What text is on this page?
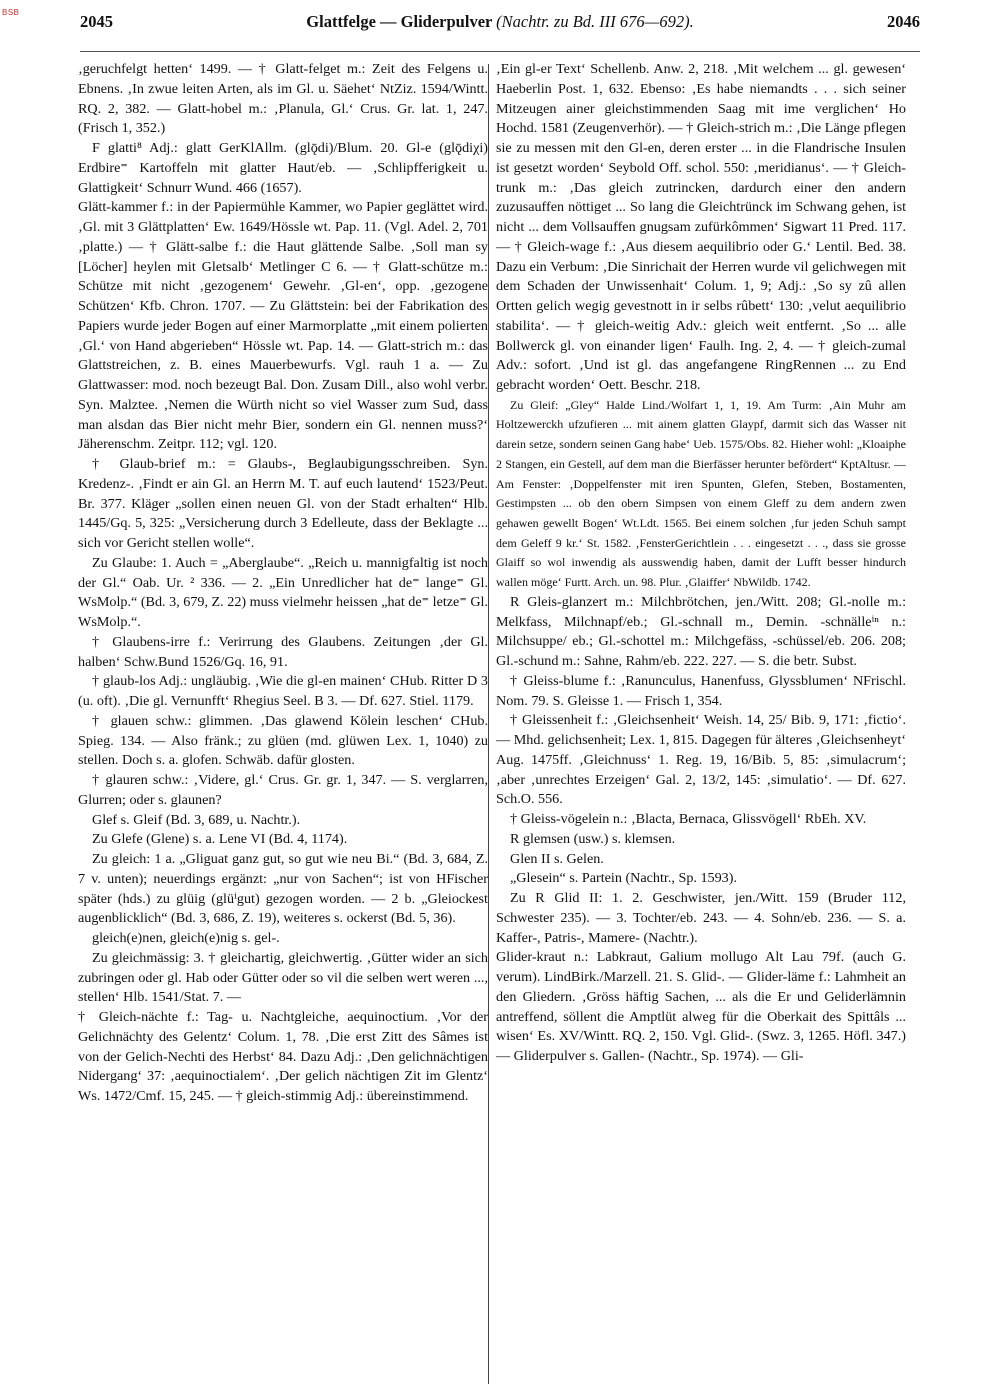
BSB	2045	Glattfelge — Gliderpulver (Nachtr. zu Bd. III 676—692).	2046

‚geruchfelgt hetten‘ 1499. — † Glatt-felget m.: Zeit des Felgens u. Ebnens. ‚In zwue leiten Arten, als im Gl. u. Säehet‘ NtZiz. 1594/Wintt. RQ. 2, 382. — Glatt-hobel m.: ‚Planula, Gl.‘ Crus. Gr. lat. 1, 247. (Frisch 1, 352.)

F glatti⁸ Adj.: glatt GerKlAllm. (glǭdi)/Blum. 20. Gl-e (glǭdiχi) Erdbire⁼ Kartoffeln mit glatter Haut/eb. — ‚Schlipfferigkeit u. Glattigkeit‘ Schnurr Wund. 466 (1657).

Glätt-kammer f.: in der Papiermühle Kammer, wo Papier geglättet wird. ‚Gl. mit 3 Glättplatten‘ Ew. 1649/Hössle wt. Pap. 11. (Vgl. Adel. 2, 701 ‚platte.) — † Glätt-salbe f.: die Haut glättende Salbe. ‚Soll man sy [Löcher] heylen mit Gletsalb‘ Metlinger C 6. — † Glatt-schütze m.: Schütze mit nicht ‚gezogenem‘ Gewehr. ‚Gl-en‘, opp. ‚gezogene Schützen‘ Kfb. Chron. 1707. — Zu Glättstein: bei der Fabrikation des Papiers wurde jeder Bogen auf einer Marmorplatte „mit einem polierten ‚Gl.‘ von Hand abgerieben“ Hössle wt. Pap. 14. — Glatt-strich m.: das Glattstreichen, z. B. eines Mauerbewurfs. Vgl. rauh 1 a. — Zu Glattwasser: mod. noch bezeugt Bal. Don. Zusam Dill., also wohl verbr. Syn. Malztee. ‚Nemen die Würth nicht so viel Wasser zum Sud, dass man alsdan das Bier nicht mehr Bier, sondern ein Gl. nennen muss?‘ Jäherenschm. Zeitpr. 112; vgl. 120.

† Glaub-brief m.: = Glaubs-, Beglaubigungsschreiben. Syn. Kredenz-. ‚Findt er ain Gl. an Herrn M. T. auf euch lautend‘ 1523/Peut. Br. 377. Kläger „sollen einen neuen Gl. von der Stadt erhalten“ Hlb. 1445/Gq. 5, 325: „Versicherung durch 3 Edelleute, dass der Beklagte ... sich vor Gericht stellen wolle“.

Zu Glaube: 1. Auch = „Aberglaube“. „Reich u. mannigfaltig ist noch der Gl.“ Oab. Ur. ² 336. — 2. „Ein Unredlicher hat de⁼ lange⁼ Gl. WsMolp.“ (Bd. 3, 679, Z. 22) muss vielmehr heissen „hat de⁼ letze⁼ Gl. WsMolp.“.

† Glaubens-irre f.: Verirrung des Glaubens. Zeitungen ‚der Gl. halben‘ Schw.Bund 1526/Gq. 16, 91.

† glaub-los Adj.: ungläubig. ‚Wie die gl-en mainen‘ CHub. Ritter D 3 (u. oft). ‚Die gl. Vernunfft‘ Rhegius Seel. B 3. — Df. 627. Stiel. 1179.

† glauen schw.: glimmen. ‚Das glawend Kölein leschen‘ CHub. Spieg. 134. — Also fränk.; zu glüen (md. glüwen Lex. 1, 1040) zu stellen. Doch s. a. glofen. Schwäb. dafür glosten.

† glauren schw.: ‚Videre, gl.‘ Crus. Gr. gr. 1, 347. — S. verglarren, Glurren; oder s. glaunen?

Glef s. Gleif (Bd. 3, 689, u. Nachtr.).

Zu Glefe (Glene) s. a. Lene VI (Bd. 4, 1174).

Zu gleich: 1 a. „Gliguat ganz gut, so gut wie neu Bi.“ (Bd. 3, 684, Z. 7 v. unten); neuerdings ergänzt: „nur von Sachen“; ist von HFischer später (hds.) zu glüig (glüⁱgut) gezogen worden. — 2 b. „Gleiockest augenblicklich“ (Bd. 3, 686, Z. 19), weiteres s. ockerst (Bd. 5, 36).

gleich(e)nen, gleich(e)nig s. gel-.

Zu gleichmässig: 3. † gleichartig, gleichwertig. ‚Gütter wider an sich zubringen oder gl. Hab oder Gütter oder so vil die selben wert weren ..., stellen‘ Hlb. 1541/Stat. 7. —

† Gleich-nächte f.: Tag- u. Nachtgleiche, aequinoctium. ‚Vor der Gelichnächty des Gelentz‘ Colum. 1, 78. ‚Die erst Zitt des Sâmes ist von der Gelich-Nechti des Herbst‘ 84. Dazu Adj.: ‚Den gelichnächtigen Nidergang‘ 37: ‚aequinoctialem‘. ‚Der gelich nächtigen Zit im Glentz‘ Ws. 1472/Cmf. 15, 245. — † gleich-stimmig Adj.: übereinstimmend.

‚Ein gl-er Text‘ Schellenb. Anw. 2, 218. ‚Mit welchem ... gl. gewesen‘ Haeberlin Post. 1, 632. Ebenso: ‚Es habe niemandts . . . sich seiner Mitzeugen ainer gleichstimmenden Saag mit ime verglichen‘ Ho Hochd. 1581 (Zeugenverhör). — † Gleich-strich m.: ‚Die Länge pflegen sie zu messen mit den Gl-en, deren erster ... in die Flandrische Insulen ist gesetzt worden‘ Seybold Off. schol. 550: ‚meridianus‘. — † Gleich-trunk m.: ‚Das gleich zutrincken, dardurch einer den andern zuzusauffen nöttiget ... So lang die Gleichtrünck im Schwang gehen, ist nicht ... dem Vollsauffen gnugsam zufürkômmen‘ Sigwart 11 Pred. 117. — † Gleich-wage f.: ‚Aus diesem aequilibrio oder G.‘ Lentil. Bed. 38. Dazu ein Verbum: ‚Die Sinrichait der Herren wurde vil gelichwegen mit dem Schaden der Unwissenhait‘ Colum. 1, 9; Adj.: ‚So sy zû allen Ortten gelich wegig gevestnott in ir selbs rûbett‘ 130: ‚velut aequilibrio stabilita‘. — † gleich-weitig Adv.: gleich weit entfernt. ‚So ... alle Bollwerck gl. von einander ligen‘ Faulh. Ing. 2, 4. — † gleich-zumal Adv.: sofort. ‚Und ist gl. das angefangene RingRennen ... zu End gebracht worden‘ Oett. Beschr. 218.

Zu Gleif: „Gley“ Halde Lind./Wolfart 1, 1, 19. Am Turm: ‚Ain Muhr am Holtzewerckh ufzufieren ... mit ainem glatten Glaypf, darmit sich das Wasser nit darein setze, sondern seinen Gang habe‘ Ueb. 1575/Obs. 82. Hieher wohl: „Kloaiphe 2 Stangen, ein Gestell, auf dem man die Bierfässer herunter befördert“ KptAltusr. — Am Fenster: ‚Doppelfenster mit iren Spunten, Glefen, Steben, Bostamenten, Gestimpsten ... ob den obern Simpsen von einem Gleff zu dem andern zwen gehawen gewellt Bogen‘ Wt.Ldt. 1565. Bei einem solchen ‚fur jeden Schuh sampt dem Geleff 9 kr.‘ St. 1582. ‚FensterGerichtlein . . . eingesetzt . . ., dass sie grosse Glaiff so wol inwendig als ausswendig haben, damit der Lufft besser hindurch wallen möge‘ Furtt. Arch. un. 98. Plur. ‚Glaiffer‘ NbWildb. 1742.

R Gleis-glanzert m.: Milchbrötchen, jen./Witt. 208; Gl.-nolle m.: Melkfass, Milchnapf/eb.; Gl.-schnall m., Demin. -schnälleⁱⁿ n.: Milchsuppe/ eb.; Gl.-schottel m.: Milchgefäss, -schüssel/eb. 206. 208; Gl.-schund m.: Sahne, Rahm/eb. 222. 227. — S. die betr. Subst.

† Gleiss-blume f.: ‚Ranunculus, Hanenfuss, Glyssblumen‘ NFrischl. Nom. 79. S. Gleisse 1. — Frisch 1, 354.

† Gleissenheit f.: ‚Gleichsenheit‘ Weish. 14, 25/ Bib. 9, 171: ‚fictio‘. — Mhd. gelichsenheit; Lex. 1, 815. Dagegen für älteres ‚Gleichsenheyt‘ Aug. 1475ff. ‚Gleichnuss‘ 1. Reg. 19, 16/Bib. 5, 85: ‚simulacrum‘; ‚aber ‚unrechtes Erzeigen‘ Gal. 2, 13/2, 145: ‚simulatio‘. — Df. 627. Sch.O. 556.

† Gleiss-vögelein n.: ‚Blacta, Bernaca, Glissvögell‘ RbEh. XV.

R glemsen (usw.) s. klemsen.

Glen II s. Gelen.

„Glesein“ s. Partein (Nachtr., Sp. 1593).

Zu R Glid II: 1. 2. Geschwister, jen./Witt. 159 (Bruder 112, Schwester 235). — 3. Tochter/eb. 243. — 4. Sohn/eb. 236. — S. a. Kaffer-, Patris-, Mamere- (Nachtr.).

Glider-kraut n.: Labkraut, Galium mollugo Alt Lau 79f. (auch G. verum). LindBirk./Marzell. 21. S. Glid-. — Glider-läme f.: Lahmheit an den Gliedern. ‚Gröss häftig Sachen, ... als die Er und Geliderlämnin antreffend, söllent die Amptlüt alweg für die Oberkait des Spittâls ... wisen‘ Es. XV/Wintt. RQ. 2, 150. Vgl. Glid-. (Swz. 3, 1265. Höfl. 347.) — Gliderpulver s. Gallen- (Nachtr., Sp. 1974). — Gli-
